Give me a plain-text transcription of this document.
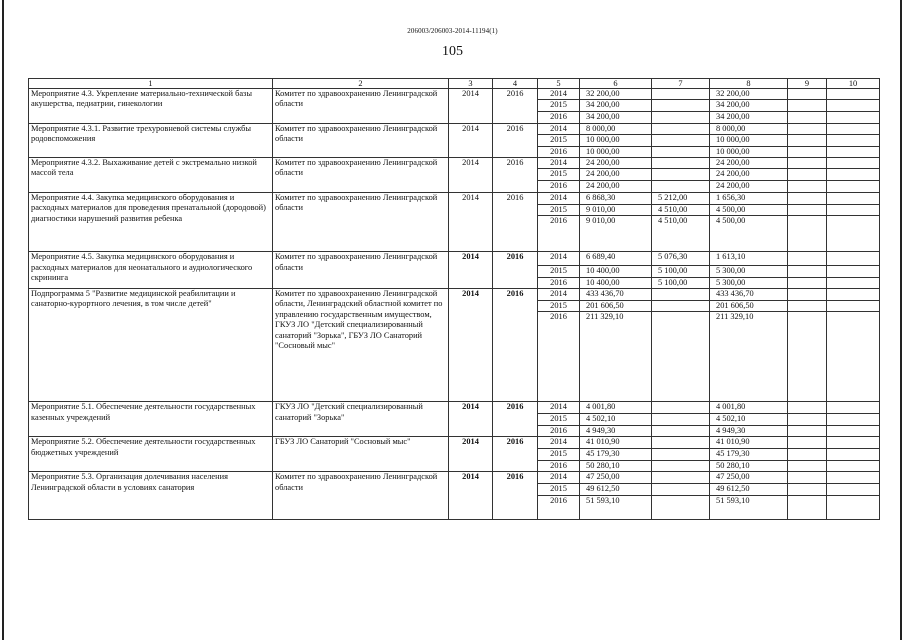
206003/206003-2014-11194(1)
105
1	2	3	4	5	6	7	8	9	10
Мероприятие 4.3. Укрепление материально-технической базы акушерства, педиатрии, гинекологии	Комитет по здравоохранению Ленинградской области	2014	2016	2014	32 200,00		32 200,00		
				2015	34 200,00		34 200,00		
				2016	34 200,00		34 200,00		
Мероприятие 4.3.1. Развитие трехуровневой системы службы родовспоможения	Комитет по здравоохранению Ленинградской области	2014	2016	2014	8 000,00		8 000,00		
				2015	10 000,00		10 000,00		
				2016	10 000,00		10 000,00		
Мероприятие 4.3.2. Выхаживание детей с экстремально низкой массой тела	Комитет по здравоохранению Ленинградской области	2014	2016	2014	24 200,00		24 200,00		
				2015	24 200,00		24 200,00		
				2016	24 200,00		24 200,00		
Мероприятие 4.4. Закупка медицинского оборудования и расходных материалов для проведения пренатальной (дородовой) диагностики нарушений развития ребенка	Комитет по здравоохранению Ленинградской области	2014	2016	2014	6 868,30	5 212,00	1 656,30		
				2015	9 010,00	4 510,00	4 500,00		
				2016	9 010,00	4 510,00	4 500,00		
Мероприятие 4.5. Закупка медицинского оборудования и расходных материалов для неонатального и аудиологического скрининга	Комитет по здравоохранению Ленинградской области	2014	2016	2014	6 689,40	5 076,30	1 613,10		
				2015	10 400,00	5 100,00	5 300,00		
				2016	10 400,00	5 100,00	5 300,00		
Подпрограмма 5 "Развитие медицинской реабилитации и санаторно-курортного лечения, в том числе детей"	Комитет по здравоохранению Ленинградской области, Ленинградский областной комитет по управлению государственным имуществом, ГКУЗ ЛО "Детский специализированный санаторий "Зорька", ГБУЗ ЛО Санаторий "Сосновый мыс"	2014	2016	2014	433 436,70		433 436,70		
				2015	201 606,50		201 606,50		
				2016	211 329,10		211 329,10		
Мероприятие 5.1. Обеспечение деятельности государственных казенных учреждений	ГКУЗ ЛО "Детский специализированный санаторий "Зорька"	2014	2016	2014	4 001,80		4 001,80		
				2015	4 502,10		4 502,10		
				2016	4 949,30		4 949,30		
Мероприятие 5.2. Обеспечение деятельности государственных бюджетных учреждений	ГБУЗ ЛО Санаторий "Сосновый мыс"	2014	2016	2014	41 010,90		41 010,90		
				2015	45 179,30		45 179,30		
				2016	50 280,10		50 280,10		
Мероприятие 5.3. Организация долечивания населения Ленинградской области в условиях санатория	Комитет по здравоохранению Ленинградской области	2014	2016	2014	47 250,00		47 250,00		
				2015	49 612,50		49 612,50		
				2016	51 593,10		51 593,10		
